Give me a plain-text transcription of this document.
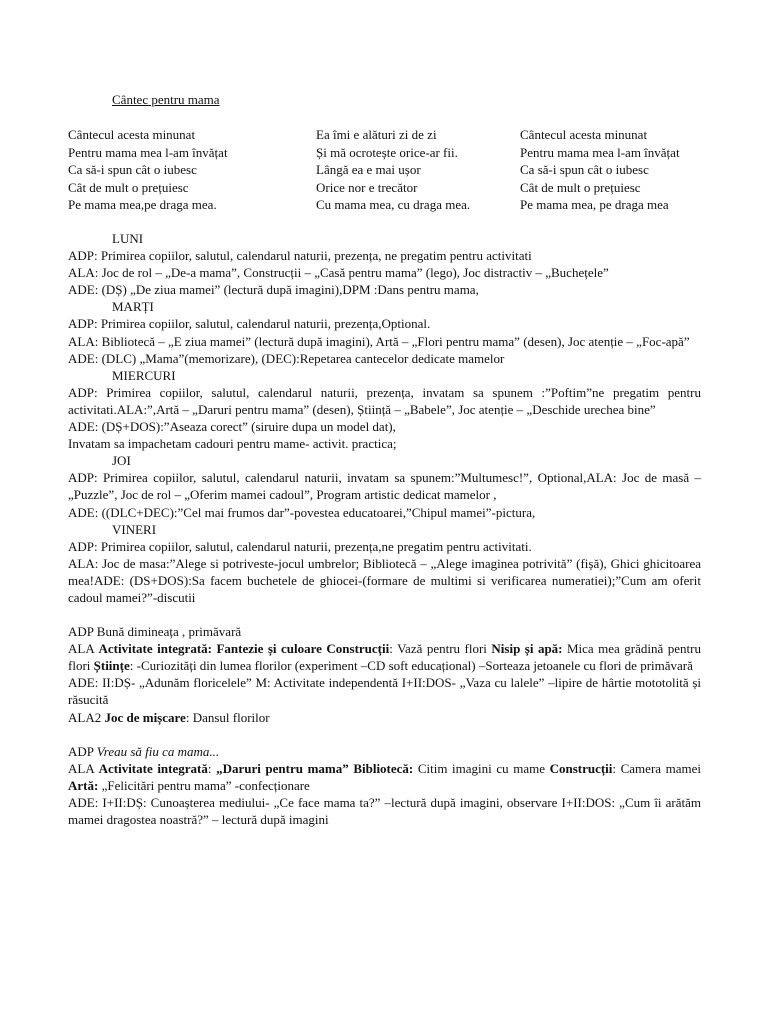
Cântec pentru mama
Cântecul acesta minunat
Pentru mama mea l-am învățat
Ca să-i spun cât o iubesc
Cât de mult o prețuiesc
Pe mama mea,pe draga mea.
Ea îmi e alături zi de zi
Și mă ocrotește orice-ar fii.
Lângă ea e mai ușor
Orice nor e trecător
Cu mama mea, cu draga mea.
Cântecul acesta minunat
Pentru mama mea l-am învățat
Ca să-i spun cât o iubesc
Cât de mult o prețuiesc
Pe mama mea, pe draga mea
LUNI
ADP: Primirea copiilor, salutul, calendarul naturii, prezența, ne pregatim pentru activitati
ALA: Joc de rol – „De-a mama”, Construcții – „Casă pentru mama” (lego), Joc distractiv – „Buchețele”
ADE: (DȘ) „De ziua mamei” (lectură după imagini),DPM :Dans pentru mama,
MARȚI
ADP: Primirea copiilor, salutul, calendarul naturii, prezența,Optional.
ALA: Bibliotecă – „E ziua mamei” (lectură după imagini), Artă – „Flori pentru mama” (desen), Joc atenție – „Foc-apă”
ADE: (DLC) „Mama”(memorizare), (DEC):Repetarea cantecelor dedicate mamelor
MIERCURI
ADP: Primirea copiilor, salutul, calendarul naturii, prezența, invatam sa spunem :”Poftim”ne pregatim pentru activitati.ALA:”,Artă – „Daruri pentru mama” (desen), Știință – „Babele”, Joc atenție – „Deschide urechea bine”
ADE: (DȘ+DOS):”Aseaza corect” (siruire dupa un model dat),
Invatam sa impachetam cadouri pentru mame- activit. practica;
JOI
ADP: Primirea copiilor, salutul, calendarul naturii, invatam sa spunem:”Multumesc!”, Optional,ALA: Joc de masă – „Puzzle”, Joc de rol – „Oferim mamei cadoul”, Program artistic dedicat mamelor ,
ADE: ((DLC+DEC):”Cel mai frumos dar”-povestea educatoarei,”Chipul mamei”-pictura,
VINERI
ADP: Primirea copiilor, salutul, calendarul naturii, prezența,ne pregatim pentru activitati.
ALA: Joc de masa:”Alege si potriveste-jocul umbrelor; Bibliotecă – „Alege imaginea potrivită” (fișă), Ghici ghicitoarea mea!ADE: (DS+DOS):Sa facem buchetele de ghiocei-(formare de multimi si verificarea numeratiei);”Cum am oferit cadoul mamei?”-discutii
ADP Bună dimineața , primăvară
ALA Activitate integrată: Fantezie și culoare Construcții: Vază pentru flori Nisip și apă: Mica mea grădină pentru flori Științe: -Curiozități din lumea florilor (experiment –CD soft educațional) –Sorteaza jetoanele cu flori de primăvară
ADE: II:DȘ- „Adunăm floricelele” M: Activitate independentă I+II:DOS- „Vaza cu lalele” –lipire de hârtie mototolită și răsucită
ALA2 Joc de mișcare: Dansul florilor
ADP Vreau să fiu ca mama...
ALA Activitate integrată: „Daruri pentru mama” Bibliotecă: Citim imagini cu mame Construcții: Camera mamei Artă: „Felicitări pentru mama” -confecționare
ADE: I+II:DȘ: Cunoașterea mediului- „Ce face mama ta?” –lectură după imagini, observare I+II:DOS: „Cum îi arătăm mamei dragostea noastră?” – lectură după imagini
